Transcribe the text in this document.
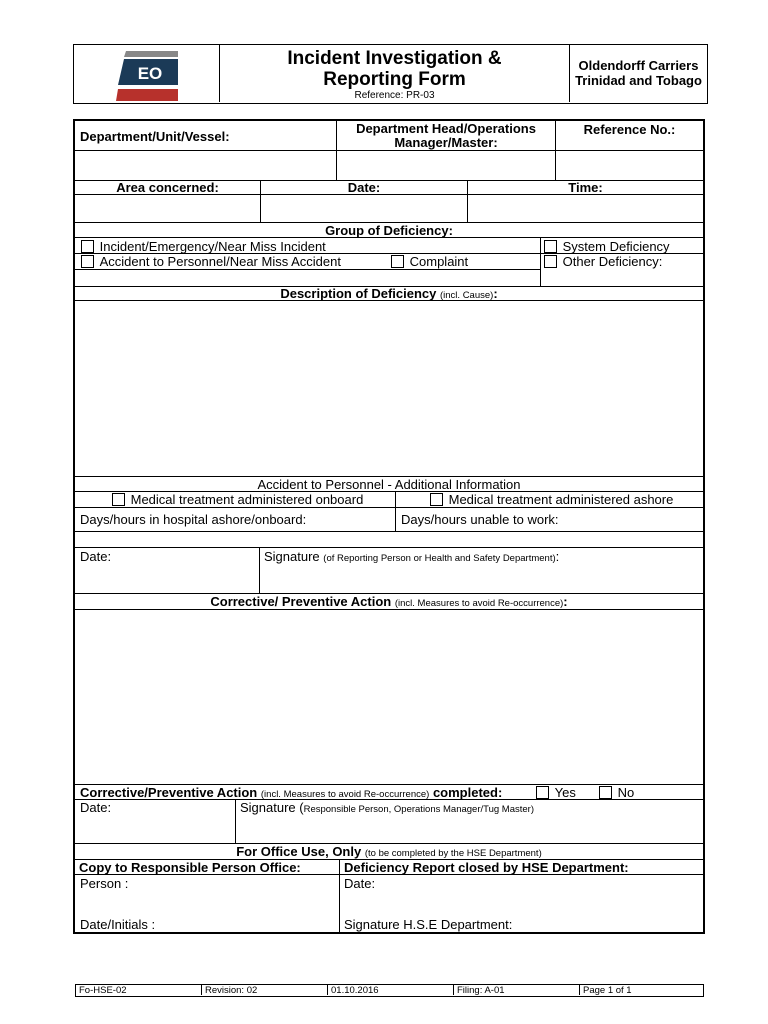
EO
Incident Investigation &
Reporting Form
Reference: PR-03
Oldendorff Carriers
Trinidad and Tobago
Department/Unit/Vessel:
Department Head/Operations
Manager/Master:
Reference No.:
Area concerned:	Date:	Time:
Group of Deficiency:
Incident/Emergency/Near Miss Incident	System Deficiency
Accident to Personnel/Near Miss Accident	Complaint	Other Deficiency:
Description of Deficiency (incl. Cause):
Accident to Personnel - Additional Information
Medical treatment administered onboard	Medical treatment administered ashore
Days/hours in hospital ashore/onboard:	Days/hours unable to work:
Date:	Signature (of Reporting Person or Health and Safety Department):
Corrective/ Preventive Action (incl. Measures to avoid Re-occurrence):
Corrective/Preventive Action (incl. Measures to avoid Re-occurrence) completed:	Yes	No
Date:	Signature (Responsible Person, Operations Manager/Tug Master)
For Office Use, Only (to be completed by the HSE Department)
Copy to Responsible Person Office:	Deficiency Report closed by HSE Department:
Person :
Date/Initials :
Date:
Signature H.S.E Department:
Fo-HSE-02	Revision: 02	01.10.2016	Filing: A-01	Page 1 of 1
